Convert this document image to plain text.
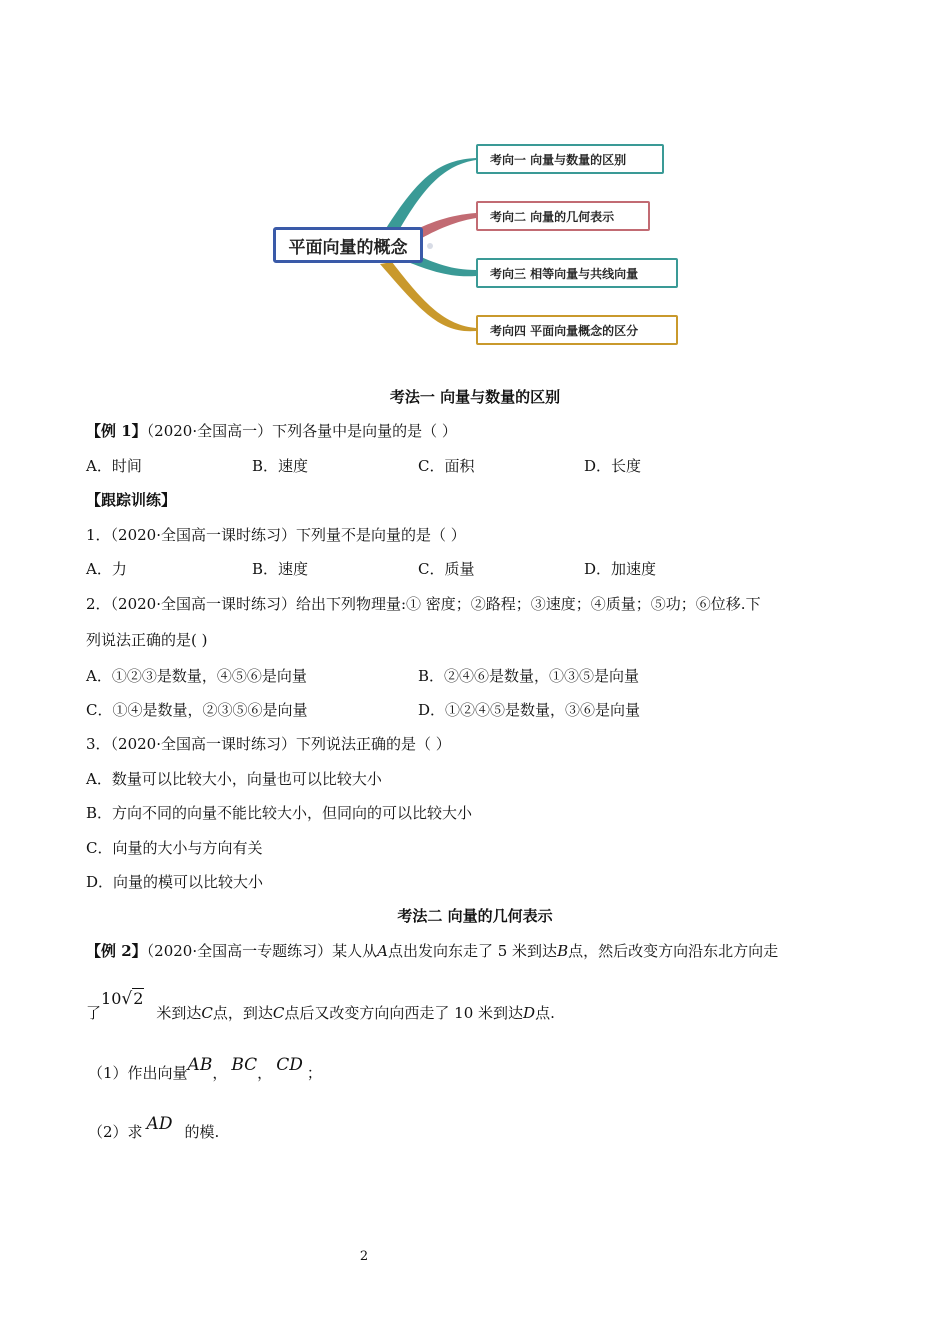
平面向量的概念
考向一 向量与数量的区别
考向二 向量的几何表示
考向三 相等向量与共线向量
考向四 平面向量概念的区分
考法一 向量与数量的区别
【例 1】（2020·全国高一）下列各量中是向量的是（ ）
A．时间	B．速度	C．面积	D．长度
【跟踪训练】
1．（2020·全国高一课时练习）下列量不是向量的是（ ）
A．力	B．速度	C．质量	D．加速度
2．（2020·全国高一课时练习）给出下列物理量:① 密度；②路程；③速度；④质量；⑤功；⑥位移.下
列说法正确的是( )
A．①②③是数量，④⑤⑥是向量	B．②④⑥是数量，①③⑤是向量
C．①④是数量，②③⑤⑥是向量	D．①②④⑤是数量，③⑥是向量
3．（2020·全国高一课时练习）下列说法正确的是（ ）
A．数量可以比较大小，向量也可以比较大小
B．方向不同的向量不能比较大小，但同向的可以比较大小
C．向量的大小与方向有关
D．向量的模可以比较大小
考法二 向量的几何表示
【例 2】（2020·全国高一专题练习）某人从A点出发向东走了 5 米到达B点，然后改变方向沿东北方向走
了10√2米到达C点，到达C点后又改变方向向西走了 10 米到达D点.
（1）作出向量AB， BC， CD ；
（2）求 AD 的模.
2
